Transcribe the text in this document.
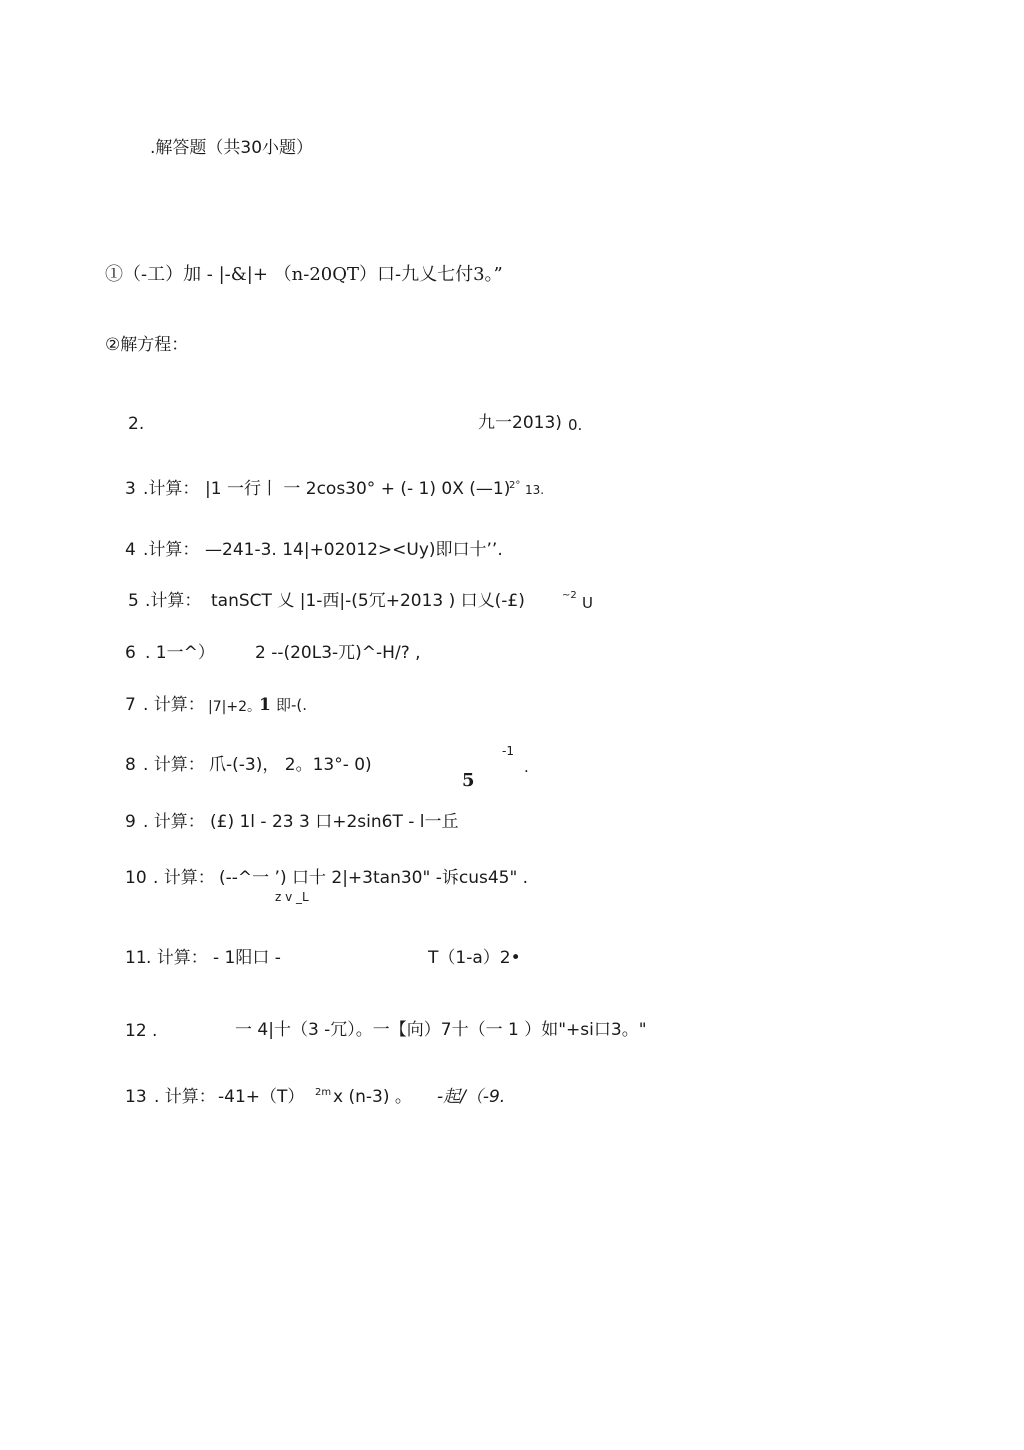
.解答题（共30小题）
①（-工）加 - |-&|+ （n-20QT）口-九乂七付3。”
②解方程：
2.	九一2013) 0.
3 .计算： |1 一行丨 一 2cos30° + (- 1) 0X (—1)
2° 13.
4 .计算： —241-3. 14|+02012><Uy)即口十’’.
5 .计算： tanSCT 乂 |1-西|-(5冗+2013 ) 口乂(-£)	~2 U
6 . 1一^） 2 --(20L3-兀)^-H/? ,
7 . 计算： |7|+2。
1 即-(.
8 . 计算： 爪-(-3)， 2。13°- 0)
-1
5
.
9 . 计算： (£) 1l - 23 3 口+2sin6T - l一丘
10 . 计算： (--^一 ’) 口十 2|+3tan30" -诉cus45" .
z v _L
11 . 计算： - 1阳口 -	T（1-a）2•
12 .	一 4|十（3 -冗）。一【向）7十（一 1 ）如"+si口3。"
13 . 计算： -41+（T） 2m x (n-3) 。 -起/（-9.
